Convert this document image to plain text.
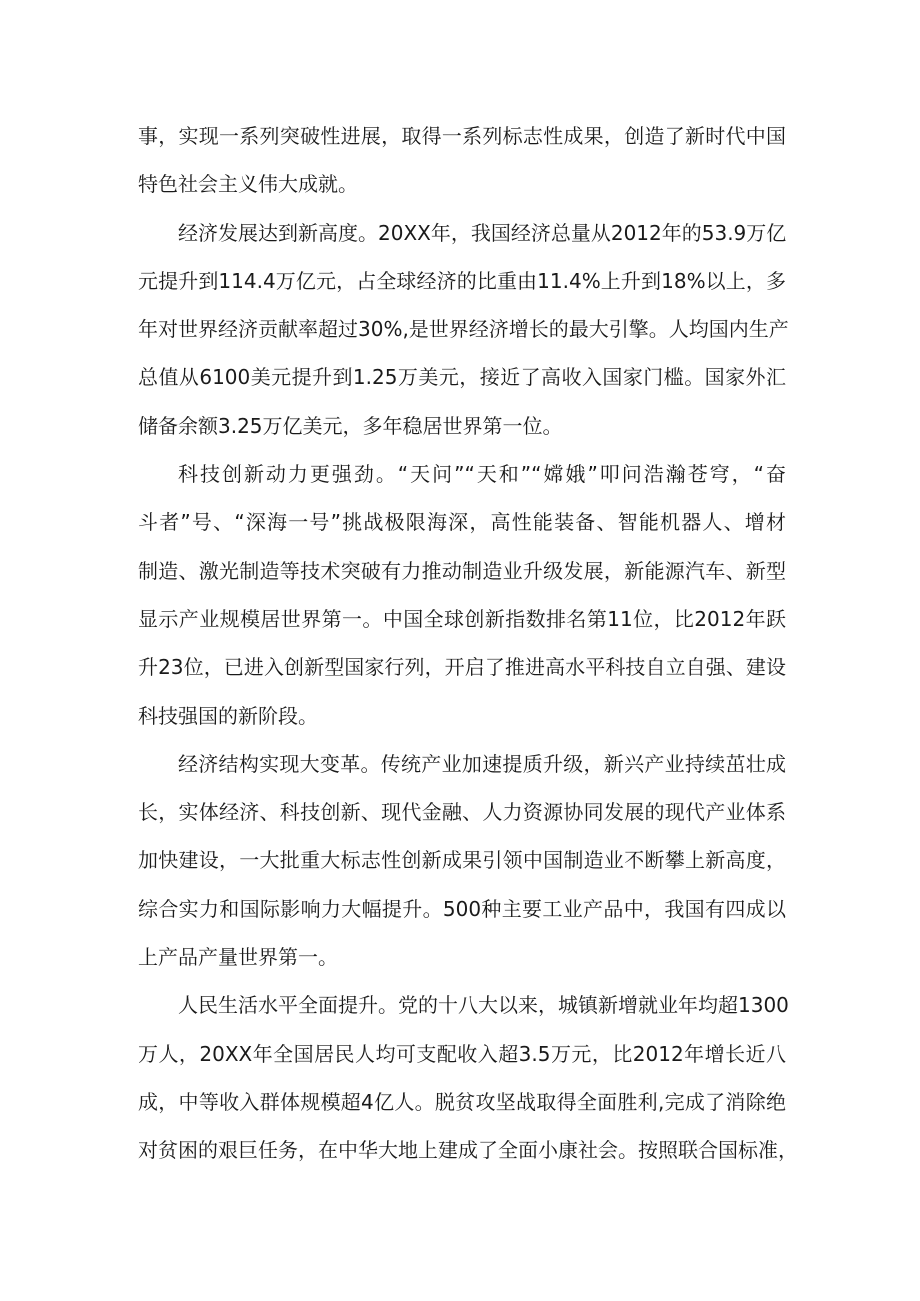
事，实现一系列突破性进展，取得一系列标志性成果，创造了新时代中国
特色社会主义伟大成就。
经济发展达到新高度。20XX年，我国经济总量从2012年的53.9万亿
元提升到114.4万亿元，占全球经济的比重由11.4%上升到18%以上，多
年对世界经济贡献率超过30%,是世界经济增长的最大引擎。人均国内生产
总值从6100美元提升到1.25万美元，接近了高收入国家门槛。国家外汇
储备余额3.25万亿美元，多年稳居世界第一位。
科技创新动力更强劲。“天问”“天和”“嫦娥”叩问浩瀚苍穹，“奋
斗者”号、“深海一号”挑战极限海深，高性能装备、智能机器人、增材
制造、激光制造等技术突破有力推动制造业升级发展，新能源汽车、新型
显示产业规模居世界第一。中国全球创新指数排名第11位，比2012年跃
升23位，已进入创新型国家行列，开启了推进高水平科技自立自强、建设
科技强国的新阶段。
经济结构实现大变革。传统产业加速提质升级，新兴产业持续茁壮成
长，实体经济、科技创新、现代金融、人力资源协同发展的现代产业体系
加快建设，一大批重大标志性创新成果引领中国制造业不断攀上新高度，
综合实力和国际影响力大幅提升。500种主要工业产品中，我国有四成以
上产品产量世界第一。
人民生活水平全面提升。党的十八大以来，城镇新增就业年均超1300
万人，20XX年全国居民人均可支配收入超3.5万元，比2012年增长近八
成，中等收入群体规模超4亿人。脱贫攻坚战取得全面胜利,完成了消除绝
对贫困的艰巨任务，在中华大地上建成了全面小康社会。按照联合国标准，
